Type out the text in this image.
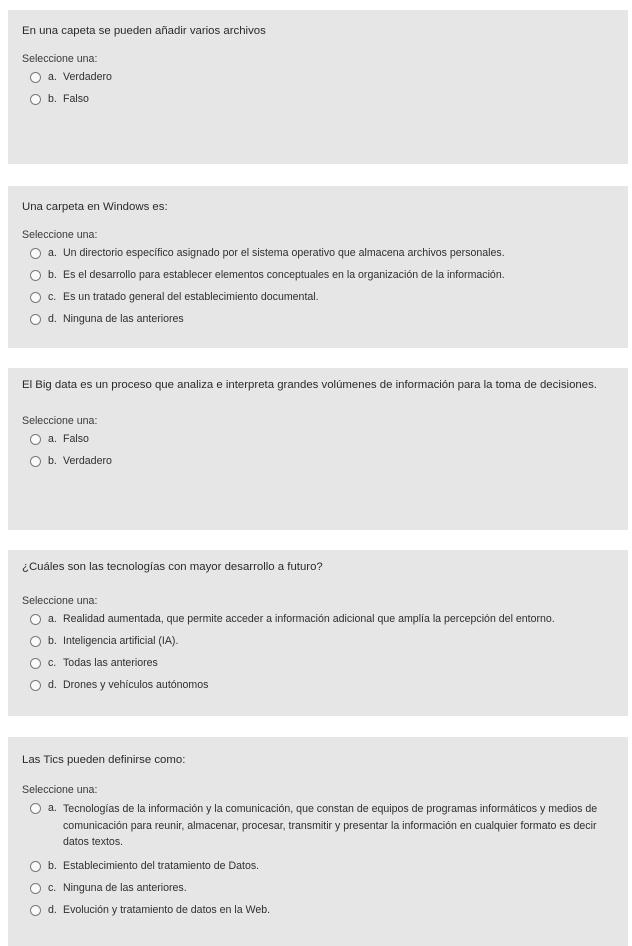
En una capeta se pueden añadir varios archivos
Seleccione una:
a. Verdadero
b. Falso
Una carpeta en Windows es:
Seleccione una:
a. Un directorio específico asignado por el sistema operativo que almacena archivos personales.
b. Es el desarrollo para establecer elementos conceptuales en la organización de la información.
c. Es un tratado general del establecimiento documental.
d. Ninguna de las anteriores
El Big data es un proceso que analiza e interpreta grandes volúmenes de información para la toma de decisiones.
Seleccione una:
a. Falso
b. Verdadero
¿Cuáles son las tecnologías con mayor desarrollo a futuro?
Seleccione una:
a. Realidad aumentada, que permite acceder a información adicional que amplía la percepción del entorno.
b. Inteligencia artificial (IA).
c. Todas las anteriores
d. Drones y vehículos autónomos
Las Tics pueden definirse como:
Seleccione una:
a. Tecnologías de la información y la comunicación, que constan de equipos de programas informáticos y medios de comunicación para reunir, almacenar, procesar, transmitir y presentar la información en cualquier formato es decir datos textos.
b. Establecimiento del tratamiento de Datos.
c. Ninguna de las anteriores.
d. Evolución y tratamiento de datos en la Web.
